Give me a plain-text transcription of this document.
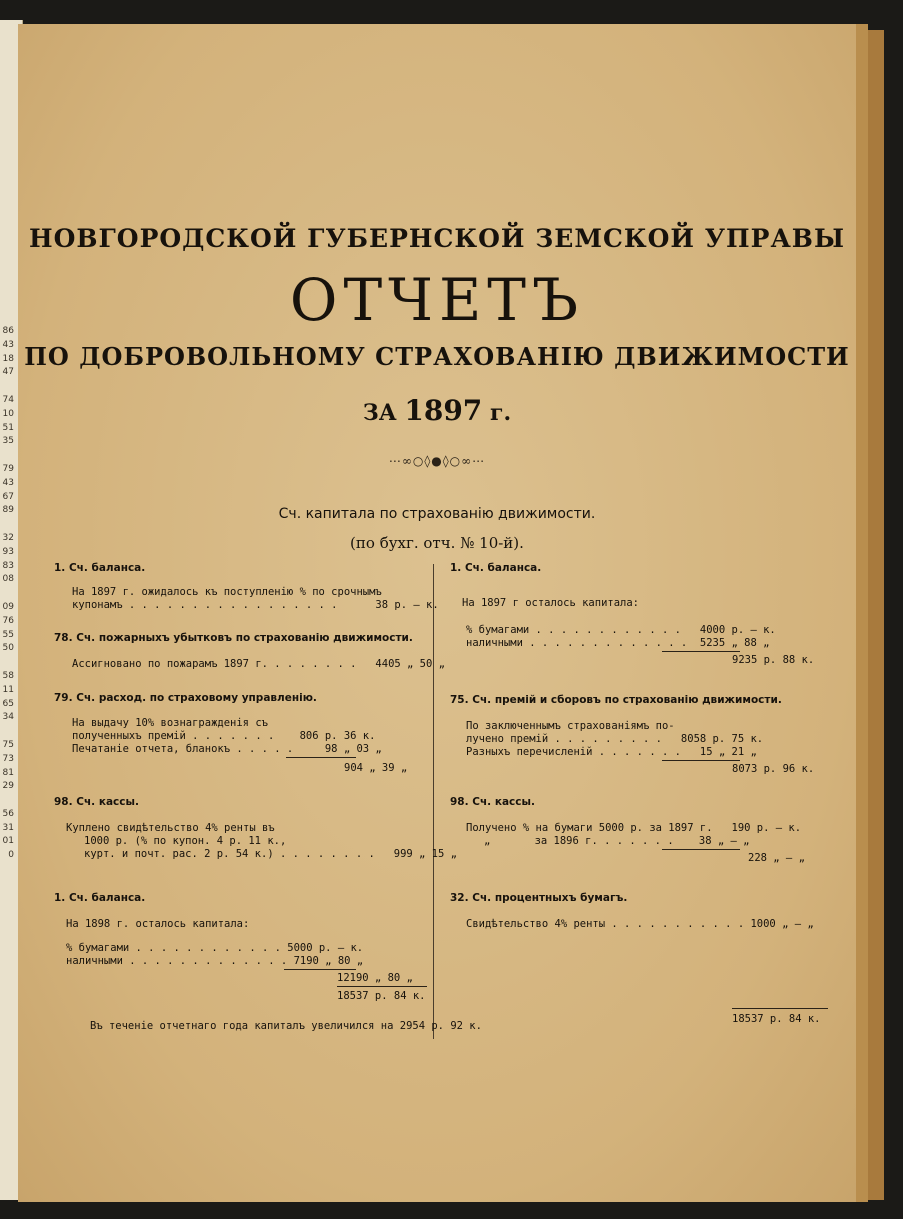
86
43
18
47

74
10
51
35

79
43
67
89

32
93
83
08

09
76
55
50

58
11
65
34

75
73
81
29

56
31
01
0
НОВГОРОДСКОЙ ГУБЕРНСКОЙ ЗЕМСКОЙ УПРАВЫ
ОТЧЕТЪ
ПО ДОБРОВОЛЬНОМУ СТРАХОВАНІЮ ДВИЖИМОСТИ
ЗА 1897 г.
⋯∞○◊●◊○∞⋯
Сч. капитала по страхованію движимости.
(по бухг. отч. № 10-й).
1. Сч. баланса.
На 1897 г. ожидалось къ поступленію % по срочнымъ
купонамъ . . . . . . . . . . . . . . . . .      38 р. — к.
78. Сч. пожарныхъ убытковъ по страхованію движимости.
Ассигновано по пожарамъ 1897 г. . . . . . . .   4405 „ 50 „
79. Сч. расход. по страховому управленію.
На выдачу 10% вознагражденія съ
полученныхъ премій . . . . . . .    806 р. 36 к.
Печатаніе отчета, бланокъ . . . . .     98 „ 03 „
904 „ 39 „
98. Сч. кассы.
Куплено свидѣтельство 4% ренты въ
1000 р. (% по купон. 4 р. 11 к.,
курт. и почт. рас. 2 р. 54 к.) . . . . . . . .   999 „ 15 „
1. Сч. баланса.
На 1898 г. осталось капитала:
% бумагами . . . . . . . . . . . . 5000 р. — к.
наличными . . . . . . . . . . . . . 7190 „ 80 „
12190 „ 80 „
18537 р. 84 к.
Въ теченіе отчетнаго года капиталъ увеличился на 2954 р. 92 к.
1. Сч. баланса.
На 1897 г осталось капитала:
% бумагами . . . . . . . . . . . .   4000 р. — к.
наличными . . . . . . . . . . . . .  5235 „ 88 „
9235 р. 88 к.
75. Сч. премій и сборовъ по страхованію движимости.
По заключеннымъ страхованіямъ по-
лучено премій . . . . . . . . .   8058 р. 75 к.
Разныхъ перечисленій . . . . . . .   15 „ 21 „
8073 р. 96 к.
98. Сч. кассы.
Получено % на бумаги 5000 р. за 1897 г.   190 р. — к.
„       за 1896 г. . . . . . .    38 „ — „
228 „ — „
32. Сч. процентныхъ бумагъ.
Свидѣтельство 4% ренты . . . . . . . . . . . 1000 „ — „
18537 р. 84 к.
